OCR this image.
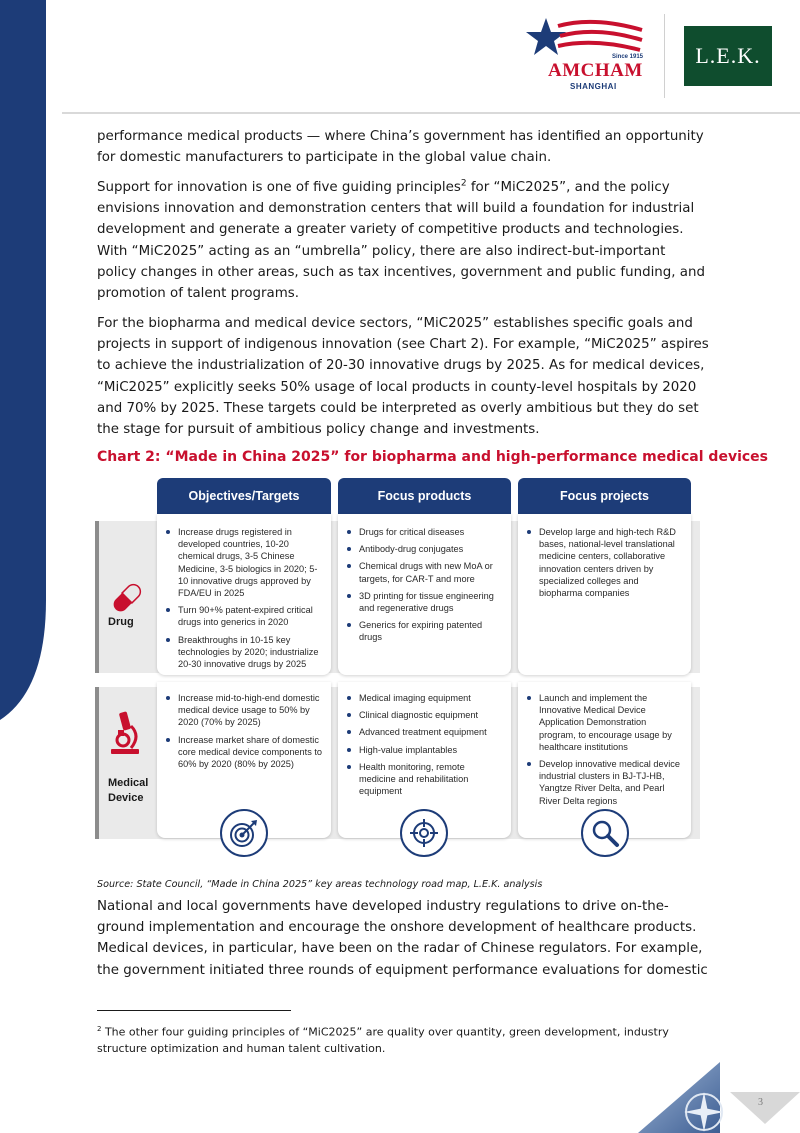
Since 1915
AMCHAM
SHANGHAI
L.E.K.

performance medical products — where China’s government has identified an opportunity for domestic manufacturers to participate in the global value chain.

Support for innovation is one of five guiding principles$^2$ for “MiC2025”, and the policy envisions innovation and demonstration centers that will build a foundation for industrial development and generate a greater variety of competitive products and technologies. With “MiC2025” acting as an “umbrella” policy, there are also indirect-but-important policy changes in other areas, such as tax incentives, government and public funding, and promotion of talent programs.

For the biopharma and medical device sectors, “MiC2025” establishes specific goals and projects in support of indigenous innovation (see Chart 2). For example, “MiC2025” aspires to achieve the industrialization of 20-30 innovative drugs by 2025. As for medical devices, “MiC2025” explicitly seeks 50% usage of local products in county-level hospitals by 2020 and 70% by 2025. These targets could be interpreted as overly ambitious but they do set the stage for pursuit of ambitious policy change and investments.

Chart 2: “Made in China 2025” for biopharma and high-performance medical devices
Objectives/Targets	Focus products	Focus projects
Increase drugs registered in developed countries, 10-20 chemical drugs, 3-5 Chinese Medicine, 3-5 biologics in 2020; 5-10 innovative drugs approved by FDA/EU in 2025
Turn 90+% patent-expired critical drugs into generics in 2020
Breakthroughs in 10-15 key technologies by 2020; industrialize 20-30 innovative drugs by 2025
Drugs for critical diseases
Antibody-drug conjugates
Chemical drugs with new MoA or targets, for CAR-T and more
3D printing for tissue engineering and regenerative drugs
Generics for expiring patented drugs
Develop large and high-tech R&D bases, national-level translational medicine centers, collaborative innovation centers driven by specialized colleges and biopharma companies
Drug
Increase mid-to-high-end domestic medical device usage to 50% by 2020 (70% by 2025)
Increase market share of domestic core medical device components to 60% by 2020 (80% by 2025)
Medical imaging equipment
Clinical diagnostic equipment
Advanced treatment equipment
High-value implantables
Health monitoring, remote medicine and rehabilitation equipment
Launch and implement the Innovative Medical Device Application Demonstration program, to encourage usage by healthcare institutions
Develop innovative medical device industrial clusters in BJ-TJ-HB, Yangtze River Delta, and Pearl River Delta regions
Medical
Device
Source: State Council, “Made in China 2025” key areas technology road map, L.E.K. analysis

National and local governments have developed industry regulations to drive on-the-ground implementation and encourage the onshore development of healthcare products. Medical devices, in particular, have been on the radar of Chinese regulators. For example, the government initiated three rounds of equipment performance evaluations for domestic

$^2$ The other four guiding principles of “MiC2025” are quality over quantity, green development, industry structure optimization and human talent cultivation.

3
